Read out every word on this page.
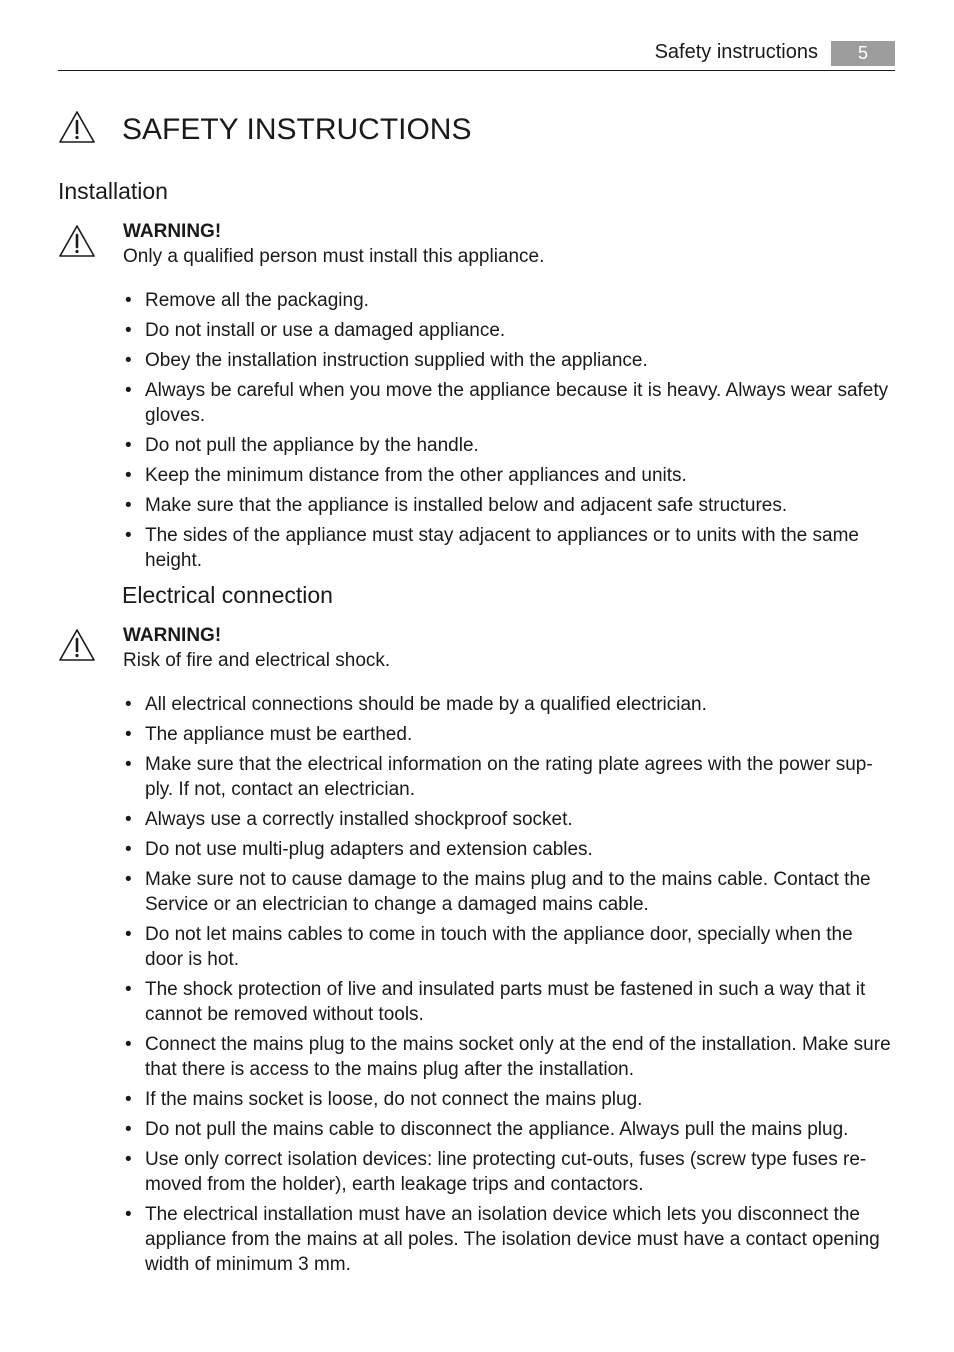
Safety instructions	5
SAFETY INSTRUCTIONS
Installation
WARNING!
Only a qualified person must install this appliance.
• Remove all the packaging.
• Do not install or use a damaged appliance.
• Obey the installation instruction supplied with the appliance.
• Always be careful when you move the appliance because it is heavy. Always wear safety gloves.
• Do not pull the appliance by the handle.
• Keep the minimum distance from the other appliances and units.
• Make sure that the appliance is installed below and adjacent safe structures.
• The sides of the appliance must stay adjacent to appliances or to units with the same height.
Electrical connection
WARNING!
Risk of fire and electrical shock.
• All electrical connections should be made by a qualified electrician.
• The appliance must be earthed.
• Make sure that the electrical information on the rating plate agrees with the power sup-ply. If not, contact an electrician.
• Always use a correctly installed shockproof socket.
• Do not use multi-plug adapters and extension cables.
• Make sure not to cause damage to the mains plug and to the mains cable. Contact the Service or an electrician to change a damaged mains cable.
• Do not let mains cables to come in touch with the appliance door, specially when the door is hot.
• The shock protection of live and insulated parts must be fastened in such a way that it cannot be removed without tools.
• Connect the mains plug to the mains socket only at the end of the installation. Make sure that there is access to the mains plug after the installation.
• If the mains socket is loose, do not connect the mains plug.
• Do not pull the mains cable to disconnect the appliance. Always pull the mains plug.
• Use only correct isolation devices: line protecting cut-outs, fuses (screw type fuses re-moved from the holder), earth leakage trips and contactors.
• The electrical installation must have an isolation device which lets you disconnect the appliance from the mains at all poles. The isolation device must have a contact opening width of minimum 3 mm.
